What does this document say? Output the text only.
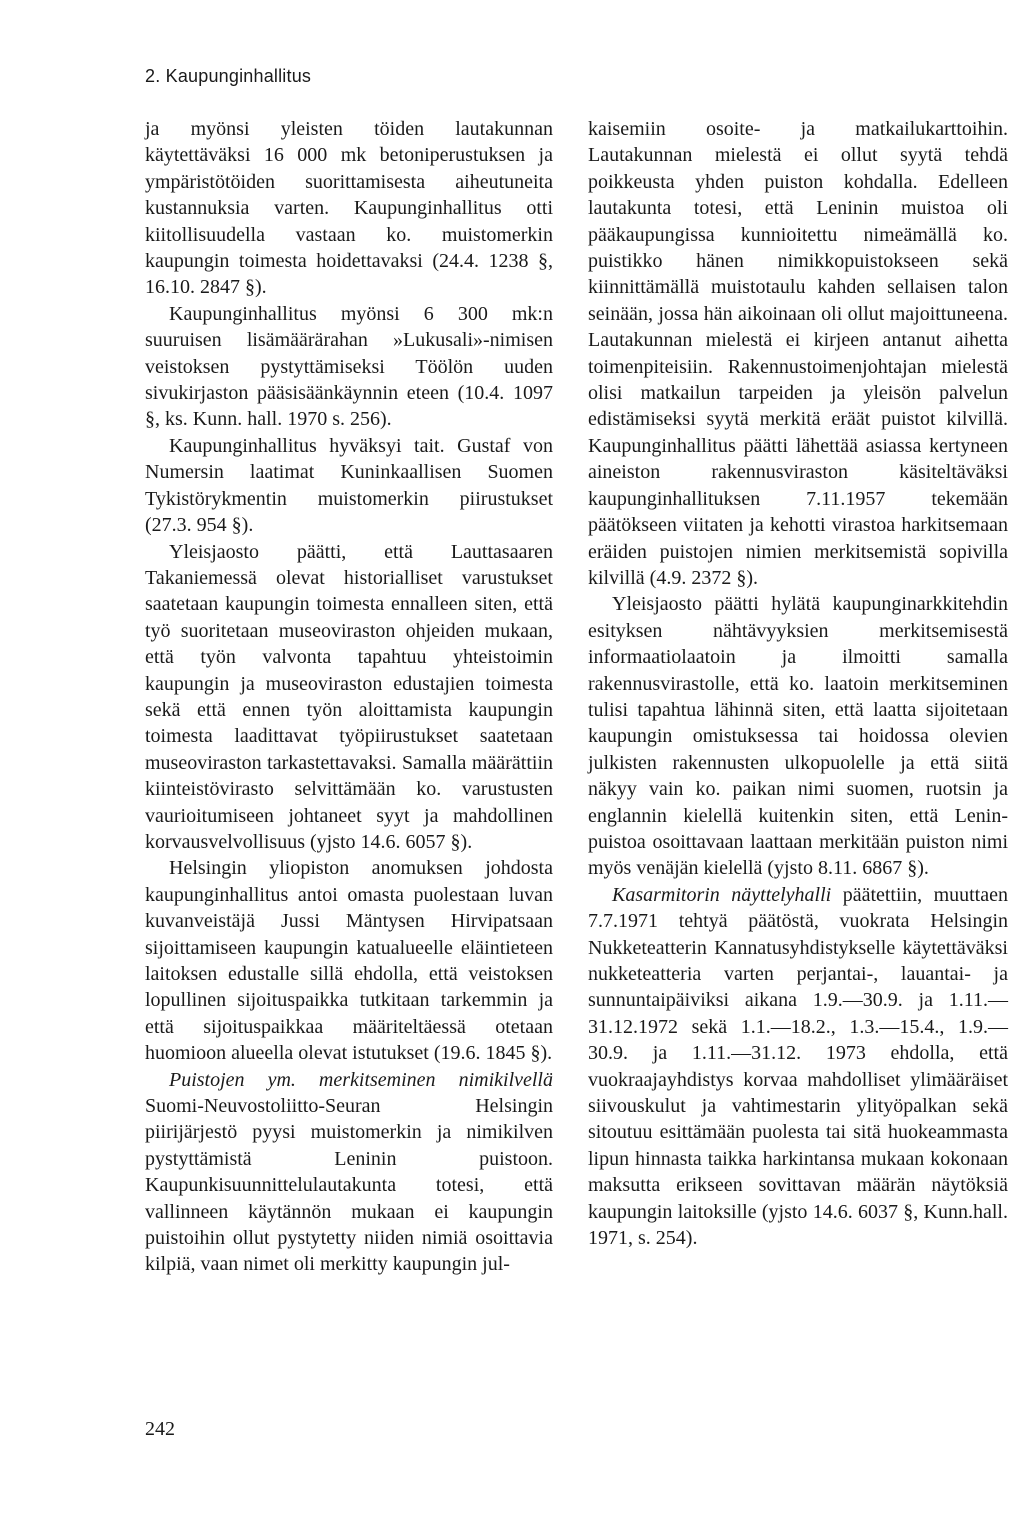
2. Kaupunginhallitus

ja myönsi yleisten töiden lautakunnan käytettäväksi 16 000 mk betoniperustuksen ja ympäristötöiden suorittamisesta aiheutuneita kustannuksia varten. Kaupunginhallitus otti kiitollisuudella vastaan ko. muistomerkin kaupungin toimesta hoidettavaksi (24.4. 1238 §, 16.10. 2847 §).

Kaupunginhallitus myönsi 6 300 mk:n suuruisen lisämäärärahan »Lukusali»-nimisen veistoksen pystyttämiseksi Töölön uuden sivukirjaston pääsisäänkäynnin eteen (10.4. 1097 §, ks. Kunn. hall. 1970 s. 256).

Kaupunginhallitus hyväksyi tait. Gustaf von Numersin laatimat Kuninkaallisen Suomen Tykistörykmentin muistomerkin piirustukset (27.3. 954 §).

Yleisjaosto päätti, että Lauttasaaren Takaniemessä olevat historialliset varustukset saatetaan kaupungin toimesta ennalleen siten, että työ suoritetaan museoviraston ohjeiden mukaan, että työn valvonta tapahtuu yhteistoimin kaupungin ja museoviraston edustajien toimesta sekä että ennen työn aloittamista kaupungin toimesta laadittavat työpiirustukset saatetaan museoviraston tarkastettavaksi. Samalla määrättiin kiinteistövirasto selvittämään ko. varustusten vaurioitumiseen johtaneet syyt ja mahdollinen korvausvelvollisuus (yjsto 14.6. 6057 §).

Helsingin yliopiston anomuksen johdosta kaupunginhallitus antoi omasta puolestaan luvan kuvanveistäjä Jussi Mäntysen Hirvipatsaan sijoittamiseen kaupungin katualueelle eläintieteen laitoksen edustalle sillä ehdolla, että veistoksen lopullinen sijoituspaikka tutkitaan tarkemmin ja että sijoituspaikkaa määriteltäessä otetaan huomioon alueella olevat istutukset (19.6. 1845 §).

Puistojen ym. merkitseminen nimikilvellä Suomi-Neuvostoliitto-Seuran Helsingin piirijärjestö pyysi muistomerkin ja nimikilven pystyttämistä Leninin puistoon. Kaupunkisuunnittelulautakunta totesi, että vallinneen käytännön mukaan ei kaupungin puistoihin ollut pystytetty niiden nimiä osoittavia kilpiä, vaan nimet oli merkitty kaupungin jul-

kaisemiin osoite- ja matkailukarttoihin. Lautakunnan mielestä ei ollut syytä tehdä poikkeusta yhden puiston kohdalla. Edelleen lautakunta totesi, että Leninin muistoa oli pääkaupungissa kunnioitettu nimeämällä ko. puistikko hänen nimikkopuistokseen sekä kiinnittämällä muistotaulu kahden sellaisen talon seinään, jossa hän aikoinaan oli ollut majoittuneena. Lautakunnan mielestä ei kirjeen antanut aihetta toimenpiteisiin. Rakennustoimenjohtajan mielestä olisi matkailun tarpeiden ja yleisön palvelun edistämiseksi syytä merkitä eräät puistot kilvillä. Kaupunginhallitus päätti lähettää asiassa kertyneen aineiston rakennusviraston käsiteltäväksi kaupunginhallituksen 7.11.1957 tekemään päätökseen viitaten ja kehotti virastoa harkitsemaan eräiden puistojen nimien merkitsemistä sopivilla kilvillä (4.9. 2372 §).

Yleisjaosto päätti hylätä kaupunginarkkitehdin esityksen nähtävyyksien merkitsemisestä informaatiolaatoin ja ilmoitti samalla rakennusvirastolle, että ko. laatoin merkitseminen tulisi tapahtua lähinnä siten, että laatta sijoitetaan kaupungin omistuksessa tai hoidossa olevien julkisten rakennusten ulkopuolelle ja että siitä näkyy vain ko. paikan nimi suomen, ruotsin ja englannin kielellä kuitenkin siten, että Lenin-puistoa osoittavaan laattaan merkitään puiston nimi myös venäjän kielellä (yjsto 8.11. 6867 §).

Kasarmitorin näyttelyhalli päätettiin, muuttaen 7.7.1971 tehtyä päätöstä, vuokrata Helsingin Nukketeatterin Kannatusyhdistykselle käytettäväksi nukketeatteria varten perjantai-, lauantai- ja sunnuntaipäiviksi aikana 1.9.—30.9. ja 1.11.—31.12.1972 sekä 1.1.—18.2., 1.3.—15.4., 1.9.—30.9. ja 1.11.—31.12. 1973 ehdolla, että vuokraajayhdistys korvaa mahdolliset ylimääräiset siivouskulut ja vahtimestarin ylityöpalkan sekä sitoutuu esittämään puolesta tai sitä huokeammasta lipun hinnasta taikka harkintansa mukaan kokonaan maksutta erikseen sovittavan määrän näytöksiä kaupungin laitoksille (yjsto 14.6. 6037 §, Kunn.hall. 1971, s. 254).

242
